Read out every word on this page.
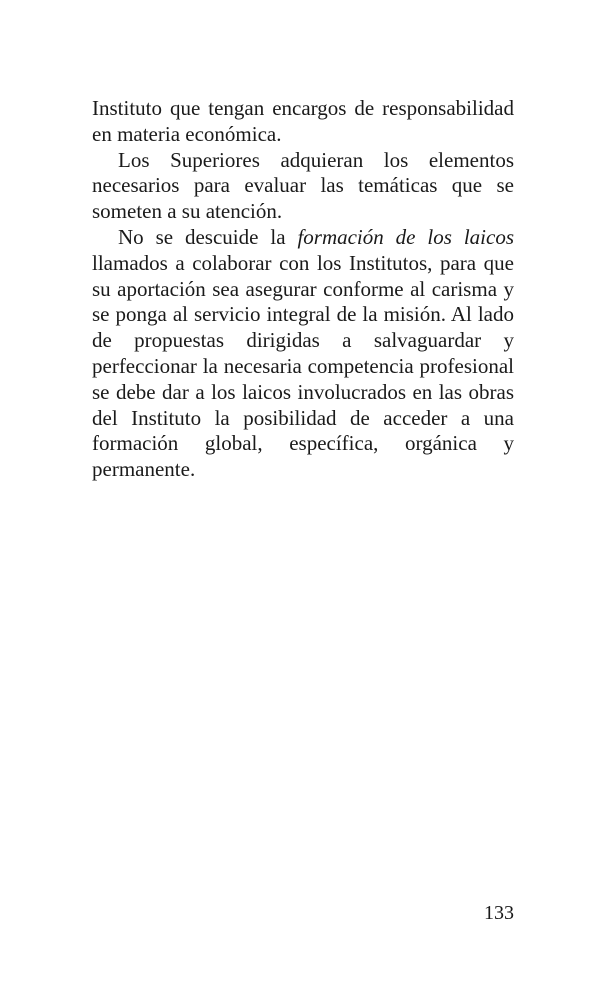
Instituto que tengan encargos de responsabilidad en materia económica.

Los Superiores adquieran los elementos necesarios para evaluar las temáticas que se someten a su atención.

No se descuide la formación de los laicos llamados a colaborar con los Institutos, para que su aportación sea asegurar conforme al carisma y se ponga al servicio integral de la misión. Al lado de propuestas dirigidas a salvaguardar y perfeccionar la necesaria competencia profesional se debe dar a los laicos involucrados en las obras del Instituto la posibilidad de acceder a una formación global, específica, orgánica y permanente.

133
